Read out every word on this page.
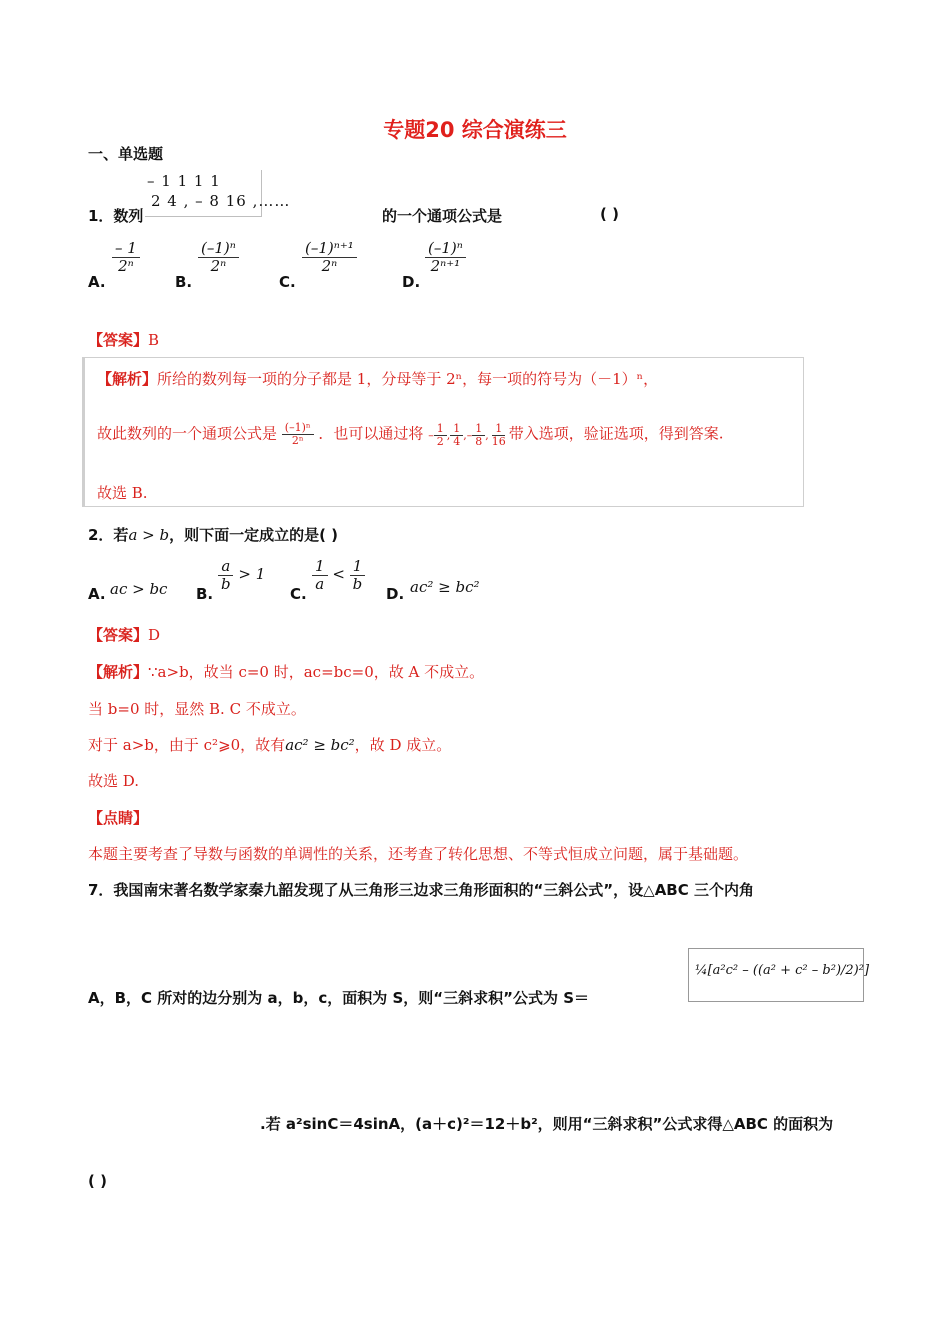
专题20 综合演练三
一、单选题
1．数列
– 1 1 1 1
2 4 , – 8 16 ,……
的一个通项公式是	( )
A.
$\frac{- 1}{\text{2ⁿ}}$
B.
$\frac{\text{(–1)ⁿ}}{\text{2ⁿ}}$
C.
$\frac{\text{(–1)ⁿ⁺¹}}{\text{2ⁿ}}$
D.
$\frac{\text{(–1)ⁿ}}{\text{2ⁿ⁺¹}}$
【答案】B
【解析】所给的数列每一项的分子都是 1，分母等于 2ⁿ，每一项的符号为（－1）ⁿ，
故此数列的一个通项公式是 $\frac{\text{(–1)ⁿ}}{\text{2ⁿ}}$ ．也可以通过将 – $\frac{1}{2}$ , $\frac{1}{4}$ ,– $\frac{1}{8}$ , $\frac{1}{16}$ 带入选项，验证选项，得到答案.
故选 B.
2．若a > b，则下面一定成立的是( )
A. ac > bc B.
$\frac{a}{b} > 1$
C.
$\frac{1}{a} < \frac{1}{b}$
D. ac² ≥ bc²
【答案】D
【解析】∵a>b，故当 c=0 时，ac=bc=0，故 A 不成立。
当 b=0 时，显然 B. C 不成立。
对于 a>b，由于 c²⩾0，故有ac² ≥ bc²，故 D 成立。
故选 D.
【点睛】
本题主要考查了导数与函数的单调性的关系，还考查了转化思想、不等式恒成立问题，属于基础题。
7．我国南宋著名数学家秦九韶发现了从三角形三边求三角形面积的“三斜公式”，设△ABC 三个内角
A，B，C 所对的边分别为 a，b，c，面积为 S，则“三斜求积”公式为 S＝
¼[a²c² – ((a² + c² – b²)/2)²]
.若 a²sinC＝4sinA，(a＋c)²＝12＋b²，则用“三斜求积”公式求得△ABC 的面积为
( )
